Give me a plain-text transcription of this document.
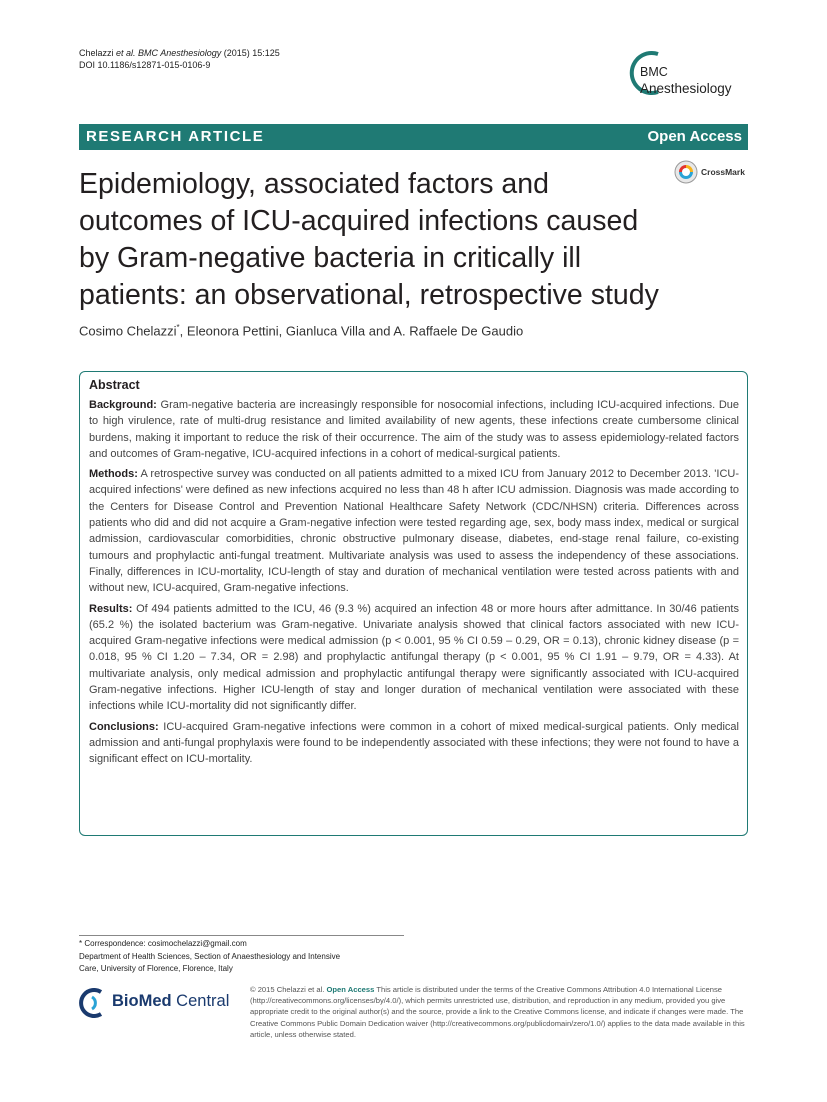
Chelazzi et al. BMC Anesthesiology (2015) 15:125
DOI 10.1186/s12871-015-0106-9	BMC
Anesthesiology
RESEARCH ARTICLE	Open Access
CrossMark
Epidemiology, associated factors and
outcomes of ICU-acquired infections caused
by Gram-negative bacteria in critically ill
patients: an observational, retrospective study
Cosimo Chelazzi*, Eleonora Pettini, Gianluca Villa and A. Raffaele De Gaudio
Abstract

Background: Gram-negative bacteria are increasingly responsible for nosocomial infections, including ICU-acquired infections. Due to high virulence, rate of multi-drug resistance and limited availability of new agents, these infections create cumbersome clinical burdens, making it important to reduce the risk of their occurrence. The aim of the study was to assess epidemiology-related factors and outcomes of Gram-negative, ICU-acquired infections in a cohort of medical-surgical patients.

Methods: A retrospective survey was conducted on all patients admitted to a mixed ICU from January 2012 to December 2013. 'ICU-acquired infections' were defined as new infections acquired no less than 48 h after ICU admission. Diagnosis was made according to the Centers for Disease Control and Prevention National Healthcare Safety Network (CDC/NHSN) criteria. Differences across patients who did and did not acquire a Gram-negative infection were tested regarding age, sex, body mass index, medical or surgical admission, cardiovascular comorbidities, chronic obstructive pulmonary disease, diabetes, end-stage renal failure, co-existing tumours and prophylactic anti-fungal treatment. Multivariate analysis was used to assess the independency of these associations. Finally, differences in ICU-mortality, ICU-length of stay and duration of mechanical ventilation were tested across patients with and without new, ICU-acquired, Gram-negative infections.

Results: Of 494 patients admitted to the ICU, 46 (9.3 %) acquired an infection 48 or more hours after admittance. In 30/46 patients (65.2 %) the isolated bacterium was Gram-negative. Univariate analysis showed that clinical factors associated with new ICU-acquired Gram-negative infections were medical admission (p < 0.001, 95 % CI 0.59 – 0.29, OR = 0.13), chronic kidney disease (p = 0.018, 95 % CI 1.20 – 7.34, OR = 2.98) and prophylactic antifungal therapy (p < 0.001, 95 % CI 1.91 – 9.79, OR = 4.33). At multivariate analysis, only medical admission and prophylactic antifungal therapy were significantly associated with ICU-acquired Gram-negative infections. Higher ICU-length of stay and longer duration of mechanical ventilation were associated with these infections while ICU-mortality did not significantly differ.

Conclusions: ICU-acquired Gram-negative infections were common in a cohort of mixed medical-surgical patients. Only medical admission and anti-fungal prophylaxis were found to be independently associated with these infections; they were not found to have a significant effect on ICU-mortality.

* Correspondence: cosimochelazzi@gmail.com
Department of Health Sciences, Section of Anaesthesiology and Intensive
Care, University of Florence, Florence, Italy
BioMed Central
© 2015 Chelazzi et al. Open Access This article is distributed under the terms of the Creative Commons Attribution 4.0 International License (http://creativecommons.org/licenses/by/4.0/), which permits unrestricted use, distribution, and reproduction in any medium, provided you give appropriate credit to the original author(s) and the source, provide a link to the Creative Commons license, and indicate if changes were made. The Creative Commons Public Domain Dedication waiver (http://creativecommons.org/publicdomain/zero/1.0/) applies to the data made available in this article, unless otherwise stated.
